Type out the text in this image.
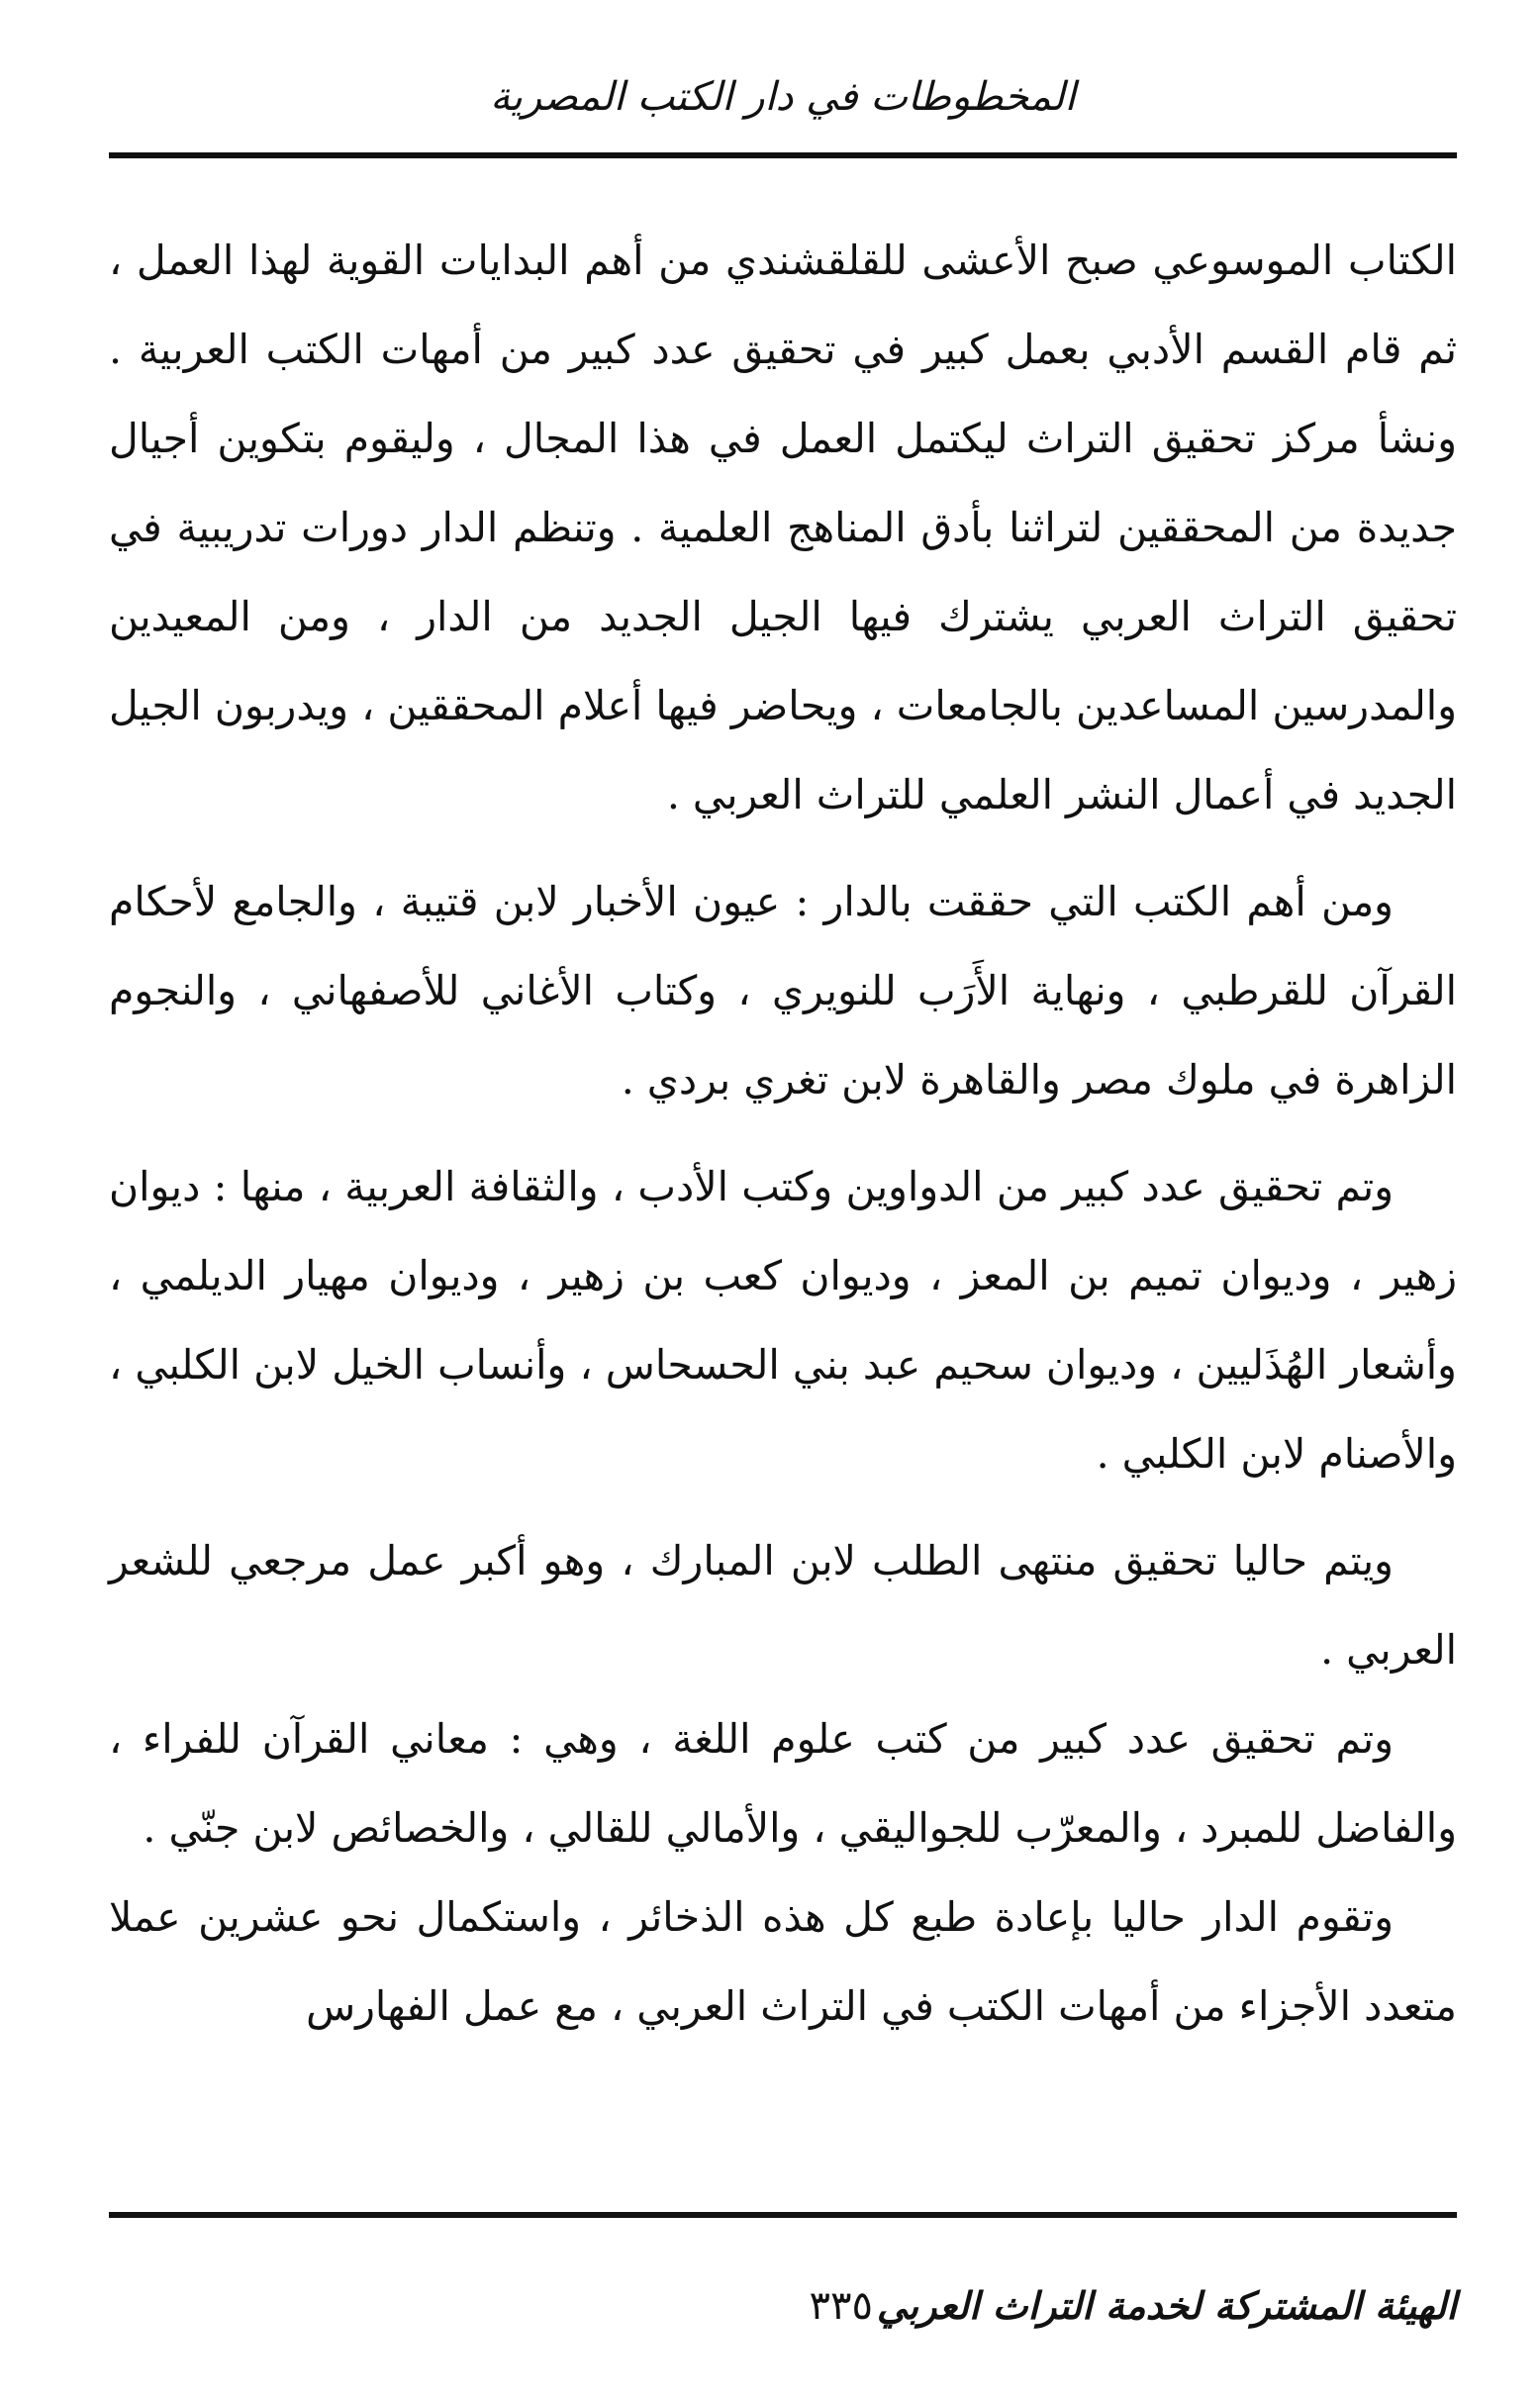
المخطوطات في دار الكتب المصرية

الكتاب الموسوعي صبح الأعشى للقلقشندي من أهم البدايات القوية لهذا العمل ، ثم قام القسم الأدبي بعمل كبير في تحقيق عدد كبير من أمهات الكتب العربية . ونشأ مركز تحقيق التراث ليكتمل العمل في هذا المجال ، وليقوم بتكوين أجيال جديدة من المحققين لتراثنا بأدق المناهج العلمية . وتنظم الدار دورات تدريبية في تحقيق التراث العربي يشترك فيها الجيل الجديد من الدار ، ومن المعيدين والمدرسين المساعدين بالجامعات ، ويحاضر فيها أعلام المحققين ، ويدربون الجيل الجديد في أعمال النشر العلمي للتراث العربي .

ومن أهم الكتب التي حققت بالدار : عيون الأخبار لابن قتيبة ، والجامع لأحكام القرآن للقرطبي ، ونهاية الأَرَب للنويري ، وكتاب الأغاني للأصفهاني ، والنجوم الزاهرة في ملوك مصر والقاهرة لابن تغري بردي .

وتم تحقيق عدد كبير من الدواوين وكتب الأدب ، والثقافة العربية ، منها : ديوان زهير ، وديوان تميم بن المعز ، وديوان كعب بن زهير ، وديوان مهيار الديلمي ، وأشعار الهُذَليين ، وديوان سحيم عبد بني الحسحاس ، وأنساب الخيل لابن الكلبي ، والأصنام لابن الكلبي .

ويتم حاليا تحقيق منتهى الطلب لابن المبارك ، وهو أكبر عمل مرجعي للشعر العربي .

وتم تحقيق عدد كبير من كتب علوم اللغة ، وهي : معاني القرآن للفراء ، والفاضل للمبرد ، والمعرّب للجواليقي ، والأمالي للقالي ، والخصائص لابن جنّي .

وتقوم الدار حاليا بإعادة طبع كل هذه الذخائر ، واستكمال نحو عشرين عملا متعدد الأجزاء من أمهات الكتب في التراث العربي ، مع عمل الفهارس

الهيئة المشتركة لخدمة التراث العربي
٣٣٥
